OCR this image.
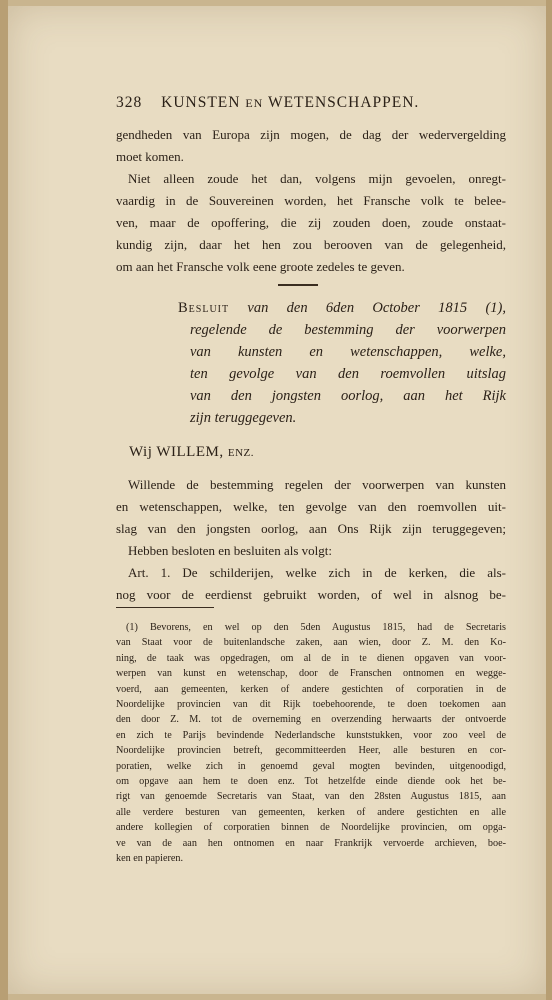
328 KUNSTEN EN WETENSCHAPPEN.
gendheden van Europa zijn mogen, de dag der wedervergelding
moet komen.
Niet alleen zoude het dan, volgens mijn gevoelen, onregt-
vaardig in de Souvereinen worden, het Fransche volk te belee-
ven, maar de opoffering, die zij zouden doen, zoude onstaat-
kundig zijn, daar het hen zou berooven van de gelegenheid,
om aan het Fransche volk eene groote zedeles te geven.
Besluit van den 6den October 1815 (1),
regelende de bestemming der voorwerpen
van kunsten en wetenschappen, welke,
ten gevolge van den roemvollen uitslag
van den jongsten oorlog, aan het Rijk
zijn teruggegeven.
Wij WILLEM, ENZ.
Willende de bestemming regelen der voorwerpen van kunsten
en wetenschappen, welke, ten gevolge van den roemvollen uit-
slag van den jongsten oorlog, aan Ons Rijk zijn teruggegeven;
Hebben besloten en besluiten als volgt:
Art. 1. De schilderijen, welke zich in de kerken, die als-
nog voor de eerdienst gebruikt worden, of wel in alsnog be-
(1) Bevorens, en wel op den 5den Augustus 1815, had de Secretaris
van Staat voor de buitenlandsche zaken, aan wien, door Z. M. den Ko-
ning, de taak was opgedragen, om al de in te dienen opgaven van voor-
werpen van kunst en wetenschap, door de Franschen ontnomen en wegge-
voerd, aan gemeenten, kerken of andere gestichten of corporatien in de
Noordelijke provincien van dit Rijk toebehoorende, te doen toekomen aan
den door Z. M. tot de overneming en overzending herwaarts der ontvoerde
en zich te Parijs bevindende Nederlandsche kunststukken, voor zoo veel de
Noordelijke provincien betreft, gecommitteerden Heer, alle besturen en cor-
poratien, welke zich in genoemd geval mogten bevinden, uitgenoodigd,
om opgave aan hem te doen enz. Tot hetzelfde einde diende ook het be-
rigt van genoemde Secretaris van Staat, van den 28sten Augustus 1815, aan
alle verdere besturen van gemeenten, kerken of andere gestichten en alle
andere kollegien of corporatien binnen de Noordelijke provincien, om opga-
ve van de aan hen ontnomen en naar Frankrijk vervoerde archieven, boe-
ken en papieren.
